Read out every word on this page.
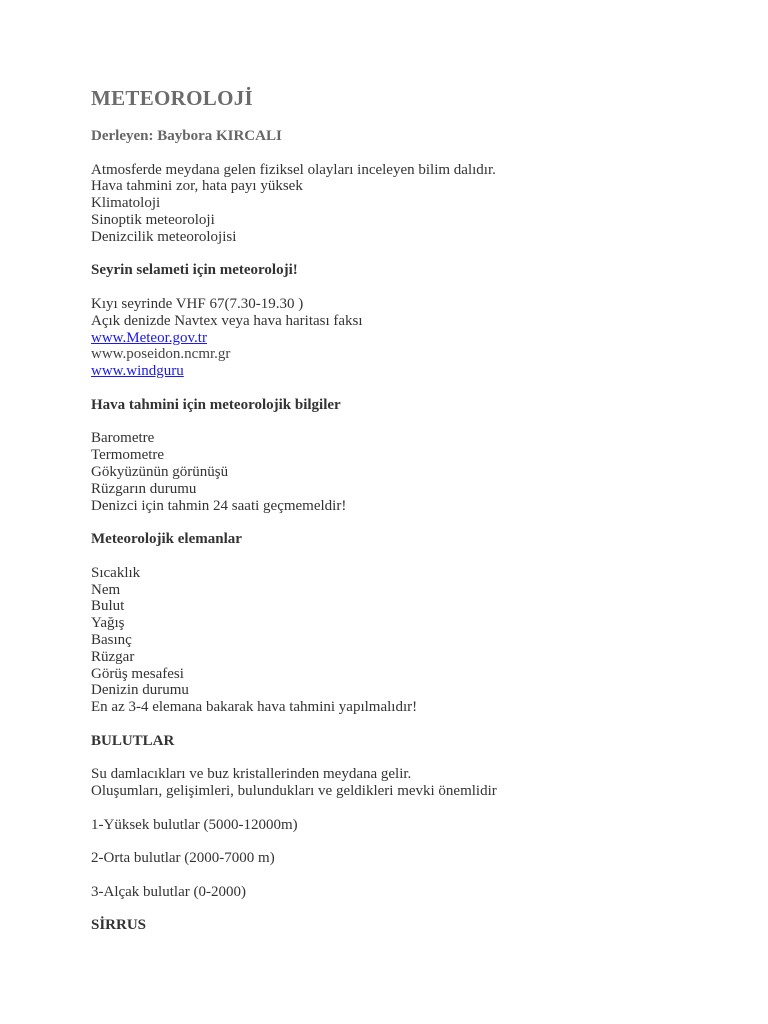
METEOROLOJİ
Derleyen: Baybora KIRCALI
Atmosferde meydana gelen fiziksel olayları inceleyen bilim dalıdır.
Hava tahmini zor, hata payı yüksek
Klimatoloji
Sinoptik meteoroloji
Denizcilik meteorolojisi
Seyrin selameti için meteoroloji!
Kıyı seyrinde VHF 67(7.30-19.30 )
Açık denizde Navtex veya hava haritası faksı
www.Meteor.gov.tr
www.poseidon.ncmr.gr
www.windguru
Hava tahmini için meteorolojik bilgiler
Barometre
Termometre
Gökyüzünün görünüşü
Rüzgarın durumu
Denizci için tahmin 24 saati geçmemeldir!
Meteorolojik elemanlar
Sıcaklık
Nem
Bulut
Yağış
Basınç
Rüzgar
Görüş mesafesi
Denizin durumu
En az 3-4 elemana bakarak hava tahmini yapılmalıdır!
BULUTLAR
Su damlacıkları ve buz kristallerinden meydana gelir.
Oluşumları, gelişimleri, bulundukları ve geldikleri mevki önemlidir
1-Yüksek bulutlar (5000-12000m)
2-Orta bulutlar (2000-7000 m)
3-Alçak bulutlar (0-2000)
SİRRUS
